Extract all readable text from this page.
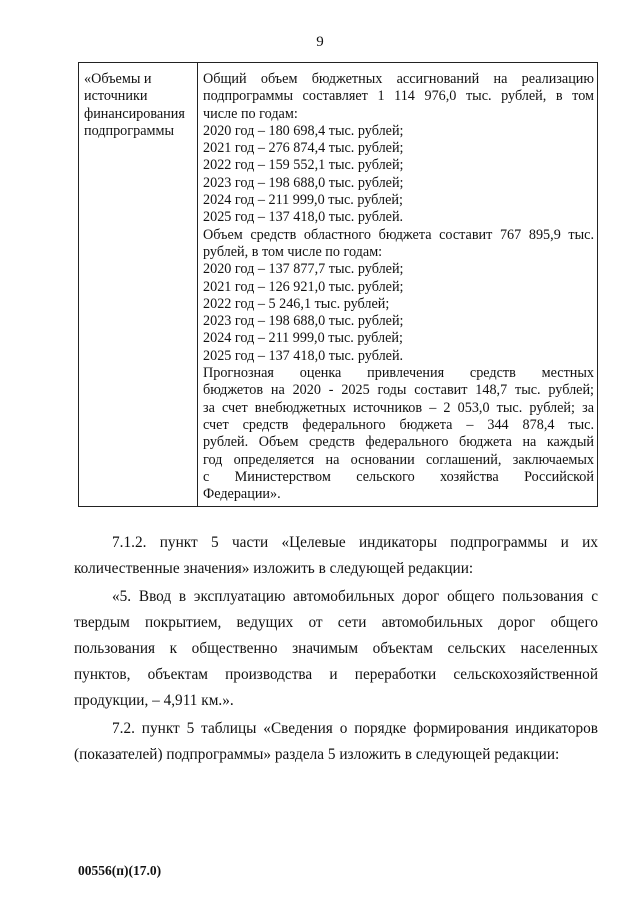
9
«Объемы и
источники
финансирования
подпрограммы

Общий объем бюджетных ассигнований на реализацию
подпрограммы составляет 1 114 976,0 тыс. рублей, в том
числе по годам:
2020 год – 180 698,4 тыс. рублей;
2021 год – 276 874,4 тыс. рублей;
2022 год – 159 552,1 тыс. рублей;
2023 год – 198 688,0 тыс. рублей;
2024 год – 211 999,0 тыс. рублей;
2025 год – 137 418,0 тыс. рублей.
Объем средств областного бюджета составит 767 895,9 тыс.
рублей, в том числе по годам:
2020 год – 137 877,7 тыс. рублей;
2021 год – 126 921,0 тыс. рублей;
2022 год – 5 246,1 тыс. рублей;
2023 год – 198 688,0 тыс. рублей;
2024 год – 211 999,0 тыс. рублей;
2025 год – 137 418,0 тыс. рублей.
Прогнозная оценка привлечения средств местных
бюджетов на 2020 - 2025 годы составит 148,7 тыс. рублей;
за счет внебюджетных источников – 2 053,0 тыс. рублей; за
счет средств федерального бюджета – 344 878,4 тыс.
рублей. Объем средств федерального бюджета на каждый
год определяется на основании соглашений, заключаемых
с Министерством сельского хозяйства Российской
Федерации».
7.1.2. пункт 5 части «Целевые индикаторы подпрограммы и их
количественные значения» изложить в следующей редакции:
«5. Ввод в эксплуатацию автомобильных дорог общего пользования с
твердым покрытием, ведущих от сети автомобильных дорог общего
пользования к общественно значимым объектам сельских населенных
пунктов, объектам производства и переработки сельскохозяйственной
продукции, – 4,911 км.».
7.2. пункт 5 таблицы «Сведения о порядке формирования индикаторов
(показателей) подпрограммы» раздела 5 изложить в следующей редакции:
00556(п)(17.0)
